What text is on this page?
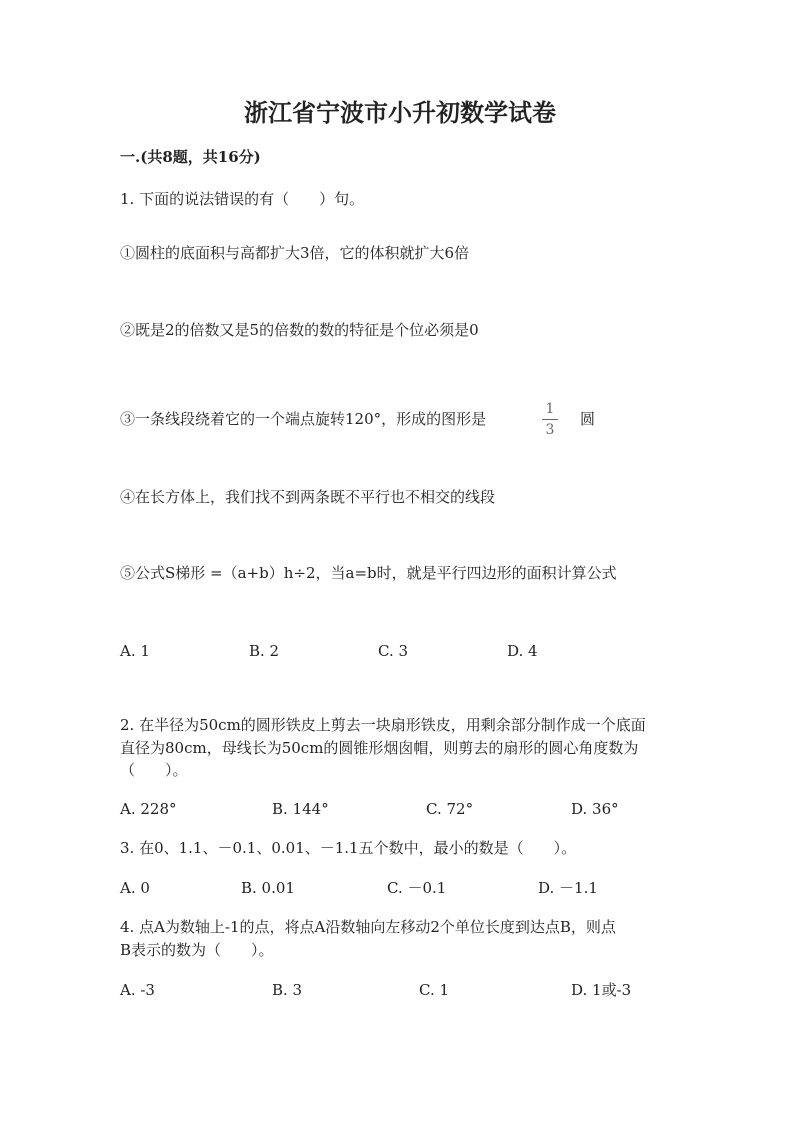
浙江省宁波市小升初数学试卷
一.(共8题，共16分)
1. 下面的说法错误的有（　　）句。
①圆柱的底面积与高都扩大3倍，它的体积就扩大6倍
②既是2的倍数又是5的倍数的数的特征是个位必须是0
③一条线段绕着它的一个端点旋转120°，形成的图形是
1
3
圆
④在长方体上，我们找不到两条既不平行也不相交的线段
⑤公式S梯形 =（a+b）h÷2，当a=b时，就是平行四边形的面积计算公式
A. 1	B. 2	C. 3	D. 4
2. 在半径为50cm的圆形铁皮上剪去一块扇形铁皮，用剩余部分制作成一个底面
直径为80cm，母线长为50cm的圆锥形烟囱帽，则剪去的扇形的圆心角度数为
（　　）。
A. 228°	B. 144°	C. 72°	D. 36°
3. 在0、1.1、－0.1、0.01、－1.1五个数中，最小的数是（　　）。
A. 0	B. 0.01	C. －0.1	D. －1.1
4. 点A为数轴上-1的点，将点A沿数轴向左移动2个单位长度到达点B，则点
B表示的数为（　　）。
A. -3	B. 3	C. 1	D. 1或-3
